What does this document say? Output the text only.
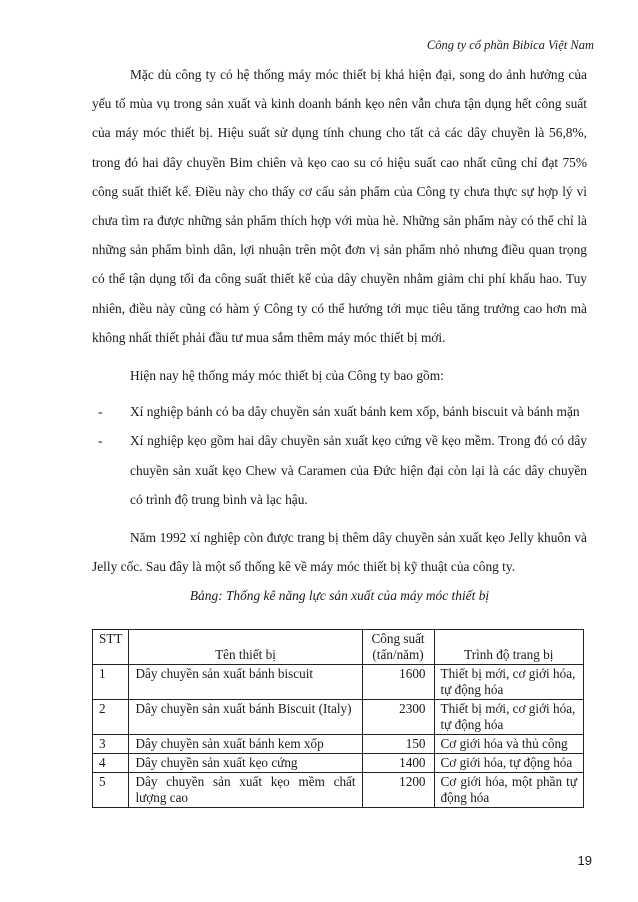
Công ty cổ phần Bibica Việt Nam

Mặc dù công ty có hệ thống máy móc thiết bị khá hiện đại, song do ảnh hưởng của yếu tố mùa vụ trong sản xuất và kinh doanh bánh kẹo nên vẫn chưa tận dụng hết công suất của máy móc thiết bị. Hiệu suất sử dụng tính chung cho tất cả các dây chuyền là 56,8%, trong đó hai dây chuyền Bim chiên và kẹo cao su có hiệu suất cao nhất cũng chỉ đạt 75% công suất thiết kế. Điều này cho thấy cơ cấu sản phẩm của Công ty chưa thực sự hợp lý vì chưa tìm ra được những sản phẩm thích hợp với mùa hè. Những sản phẩm này có thể chỉ là những sản phẩm bình dân, lợi nhuận trên một đơn vị sản phẩm nhỏ nhưng điều quan trọng có thể tận dụng tối đa công suất thiết kế của dây chuyền nhằm giảm chi phí khấu hao. Tuy nhiên, điều này cũng có hàm ý Công ty có thể hướng tới mục tiêu tăng trưởng cao hơn mà không nhất thiết phải đầu tư mua sắm thêm máy móc thiết bị mới.

Hiện nay hệ thống máy móc thiết bị của Công ty bao gồm:

- Xí nghiệp bánh có ba dây chuyền sản xuất bánh kem xốp, bánh biscuit và bánh mặn
- Xí nghiệp kẹo gồm hai dây chuyền sản xuất kẹo cứng về kẹo mềm. Trong đó có dây chuyền sản xuất kẹo Chew và Caramen của Đức hiện đại còn lại là các dây chuyền có trình độ trung bình và lạc hậu.

Năm 1992 xí nghiệp còn được trang bị thêm dây chuyền sản xuất kẹo Jelly khuôn và Jelly cốc. Sau đây là một số thống kê về máy móc thiết bị kỹ thuật của công ty.

Bảng: Thống kê năng lực sản xuất của máy móc thiết bị

STT	Tên thiết bị	Công suất (tấn/năm)	Trình độ trang bị
1	Dây chuyền sản xuất bánh biscuit	1600	Thiết bị mới, cơ giới hóa, tự động hóa
2	Dây chuyền sản xuất bánh Biscuit (Italy)	2300	Thiết bị mới, cơ giới hóa, tự động hóa
3	Dây chuyền sản xuất bánh kem xốp	150	Cơ giới hóa và thủ công
4	Dây chuyền sản xuất kẹo cứng	1400	Cơ giới hóa, tự động hóa
5	Dây chuyền sản xuất kẹo mềm chất lượng cao	1200	Cơ giới hóa, một phần tự động hóa
19
